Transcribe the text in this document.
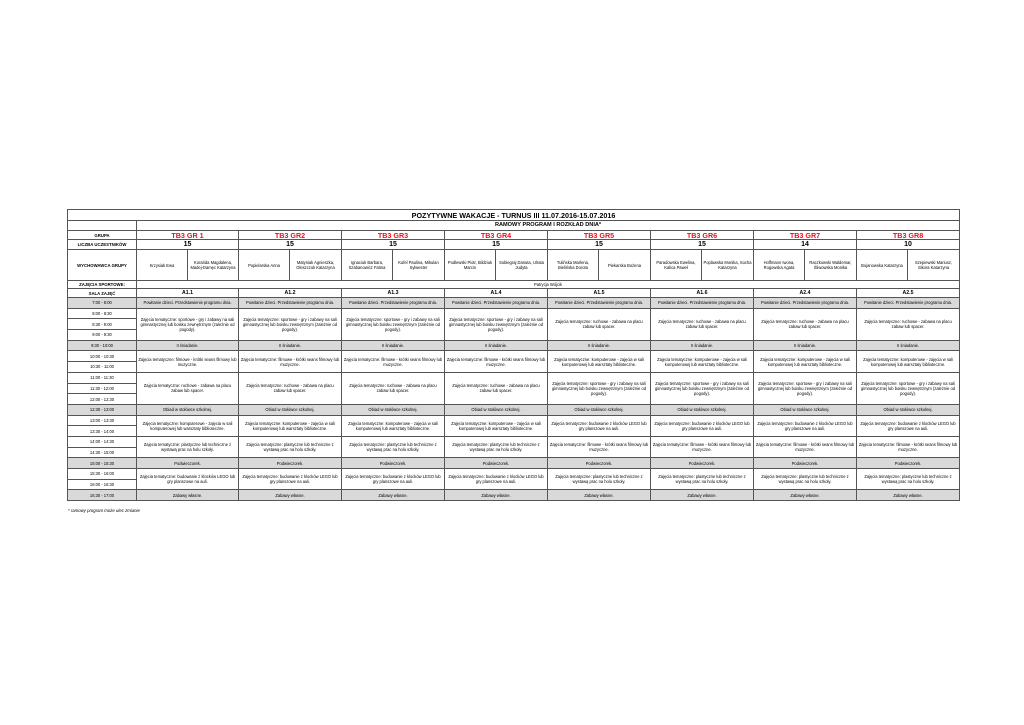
POZYTYWNE WAKACJE - TURNUS III 11.07.2016-15.07.2016																
	RAMOWY PROGRAM I ROZKŁAD DNIA*															
GRUPA	TB3 GR 1		TB3 GR2		TB3 GR3		TB3 GR4		TB3 GR5		TB3 GR6		TB3 GR7		TB3 GR8	
LICZBA UCZESTNIKÓW	15		15		15		15		15		15		14		10	
WYCHOWAWCA GRUPY	Krzysiak Ewa	Korańda Magdalena, Madej-Damęc Katarzyna	Popielarska Anna	Matyniak Agnieszka, Oleszczuk Katarzyna	Ignaciuk Barbara, Szabanowicz Fatma	Kufel Paulina, Mikulan Sylwester	Podlewski Piotr, Bildziuk Marcin	Sobiegraj Danuta, Ulrata Judyta	Tulińska Marlena, Bielińska Dorota	Piekarska Bożena	Paradowska Ewelina, Kalica Paweł	Poplawska Monika, Socha Katarzyna	Hoffmann Iwona, Rogowska Agata	Raczkowski Waldemar, Śliwowska Monika	Bojanowska Katarzyna	Szepiewski Mariusz, Sikora Katarzyna
ZAJĘCIA SPORTOWE:	Patrycja Wójcik															
SALA ZAJĘĆ	A1.1		A1.2		A1.3		A1.4		A1.5		A1.6		A2.4		A2.5	
7:00 - 8:00	Powitanie dzieci. Przedstawienie programu dnia.		Powitanie dzieci. Przedstawienie programu dnia.		Powitanie dzieci. Przedstawienie programu dnia.		Powitanie dzieci. Przedstawienie programu dnia.		Powitanie dzieci. Przedstawienie programu dnia.		Powitanie dzieci. Przedstawienie programu dnia.		Powitanie dzieci. Przedstawienie programu dnia.		Powitanie dzieci. Przedstawienie programu dnia.	
8:00 - 8:30	Zajęcia tematyczne: sportowe - gry i zabawy na sali gimnastycznej lub boisku zewnętrznym (zależnie od pogody).		Zajęcia tematyczne: sportowe - gry i zabawy na sali gimnastycznej lub boisku zewnętrznym (zależnie od pogody).		Zajęcia tematyczne: sportowe - gry i zabawy na sali gimnastycznej lub boisku zewnętrznym (zależnie od pogody).		Zajęcia tematyczne: sportowe - gry i zabawy na sali gimnastycznej lub boisku zewnętrznym (zależnie od pogody).		Zajęcia tematyczne: ruchowe - zabawa na placu zabaw lub spacer.		Zajęcia tematyczne: ruchowe - zabawa na placu zabaw lub spacer.		Zajęcia tematyczne: ruchowe - zabawa na placu zabaw lub spacer.		Zajęcia tematyczne: ruchowe - zabawa na placu zabaw lub spacer.	
8:30 - 9:00																
9:00 - 9:30																
9:30 - 10:00	II śniadanie.		II śniadanie.		II śniadanie.		II śniadanie.		II śniadanie.		II śniadanie.		II śniadanie.		II śniadanie.	
10:00 - 10:30	Zajęcia tematyczne: filmowe - krótki seans filmowy lub muzyczne.		Zajęcia tematyczne: filmowe - krótki seans filmowy lub muzyczne.		Zajęcia tematyczne: filmowe - krótki seans filmowy lub muzyczne.		Zajęcia tematyczne: filmowe - krótki seans filmowy lub muzyczne.		Zajęcia tematyczne: komputerowe - zajęcia w sali komputerowej lub warsztaty biblioteczne.		Zajęcia tematyczne: komputerowe - zajęcia w sali komputerowej lub warsztaty biblioteczne.		Zajęcia tematyczne: komputerowe - zajęcia w sali komputerowej lub warsztaty biblioteczne.		Zajęcia tematyczne: komputerowe - zajęcia w sali komputerowej lub warsztaty biblioteczne.	
10:30 - 11:00																
11:00 - 11:30	Zajęcia tematyczne: ruchowe - zabawa na placu zabaw lub spacer.		Zajęcia tematyczne: ruchowe - zabawa na placu zabaw lub spacer.		Zajęcia tematyczne: ruchowe - zabawa na placu zabaw lub spacer.		Zajęcia tematyczne: ruchowe - zabawa na placu zabaw lub spacer.		Zajęcia tematyczne: sportowe - gry i zabawy na sali gimnastycznej lub boisku zewnętrznym (zależnie od pogody).		Zajęcia tematyczne: sportowe - gry i zabawy na sali gimnastycznej lub boisku zewnętrznym (zależnie od pogody).		Zajęcia tematyczne: sportowe - gry i zabawy na sali gimnastycznej lub boisku zewnętrznym (zależnie od pogody).		Zajęcia tematyczne: sportowe - gry i zabawy na sali gimnastycznej lub boisku zewnętrznym (zależnie od pogody).	
11:30 - 12:00																
12:00 - 12:30																
12:30 - 13:00	Obiad w stołówce szkolnej.		Obiad w stołówce szkolnej.		Obiad w stołówce szkolnej.		Obiad w stołówce szkolnej.		Obiad w stołówce szkolnej.		Obiad w stołówce szkolnej.		Obiad w stołówce szkolnej.		Obiad w stołówce szkolnej.	
13:00 - 13:30	Zajęcia tematyczne: komputerowe - zajęcia w sali komputerowej lub warsztaty biblioteczne.		Zajęcia tematyczne: komputerowe - zajęcia w sali komputerowej lub warsztaty biblioteczne.		Zajęcia tematyczne: komputerowe - zajęcia w sali komputerowej lub warsztaty biblioteczne.		Zajęcia tematyczne: komputerowe - zajęcia w sali komputerowej lub warsztaty biblioteczne.		Zajęcia tematyczne: budowanie z klocków LEGO lub gry planszowe na auli.		Zajęcia tematyczne: budowanie z klocków LEGO lub gry planszowe na auli.		Zajęcia tematyczne: budowanie z klocków LEGO lub gry planszowe na auli.		Zajęcia tematyczne: budowanie z klocków LEGO lub gry planszowe na auli.	
13:30 - 14:00																
14:00 - 14:30	Zajęcia tematyczne: plastyczne lub techniczne z wystawą prac na holu szkoły.		Zajęcia tematyczne: plastyczne lub techniczne z wystawą prac na holu szkoły.		Zajęcia tematyczne: plastyczne lub techniczne z wystawą prac na holu szkoły.		Zajęcia tematyczne: plastyczne lub techniczne z wystawą prac na holu szkoły.		Zajęcia tematyczne: filmowe - krótki seans filmowy lub muzyczne.		Zajęcia tematyczne: filmowe - krótki seans filmowy lub muzyczne.		Zajęcia tematyczne: filmowe - krótki seans filmowy lub muzyczne.		Zajęcia tematyczne: filmowe - krótki seans filmowy lub muzyczne.	
14:30 - 15:00																
15:00 - 15:30	Podwieczorek.		Podwieczorek.		Podwieczorek.		Podwieczorek.		Podwieczorek.		Podwieczorek.		Podwieczorek.		Podwieczorek.	
15:30 - 16:00	Zajęcia tematyczne: budowanie z klocków LEGO lub gry planszowe na auli.		Zajęcia tematyczne: budowanie z klocków LEGO lub gry planszowe na auli.		Zajęcia tematyczne: budowanie z klocków LEGO lub gry planszowe na auli.		Zajęcia tematyczne: budowanie z klocków LEGO lub gry planszowe na auli.		Zajęcia tematyczne: plastyczne lub techniczne z wystawą prac na holu szkoły.		Zajęcia tematyczne: plastyczne lub techniczne z wystawą prac na holu szkoły.		Zajęcia tematyczne: plastyczne lub techniczne z wystawą prac na holu szkoły.		Zajęcia tematyczne: plastyczne lub techniczne z wystawą prac na holu szkoły.	
16:00 - 16:30																
16:30 - 17:00	Zabawy własne.		Zabawy własne.		Zabawy własne.		Zabawy własne.		Zabawy własne.		Zabawy własne.		Zabawy własne.		Zabawy własne.	
* ramowy program może ulec zmianie
